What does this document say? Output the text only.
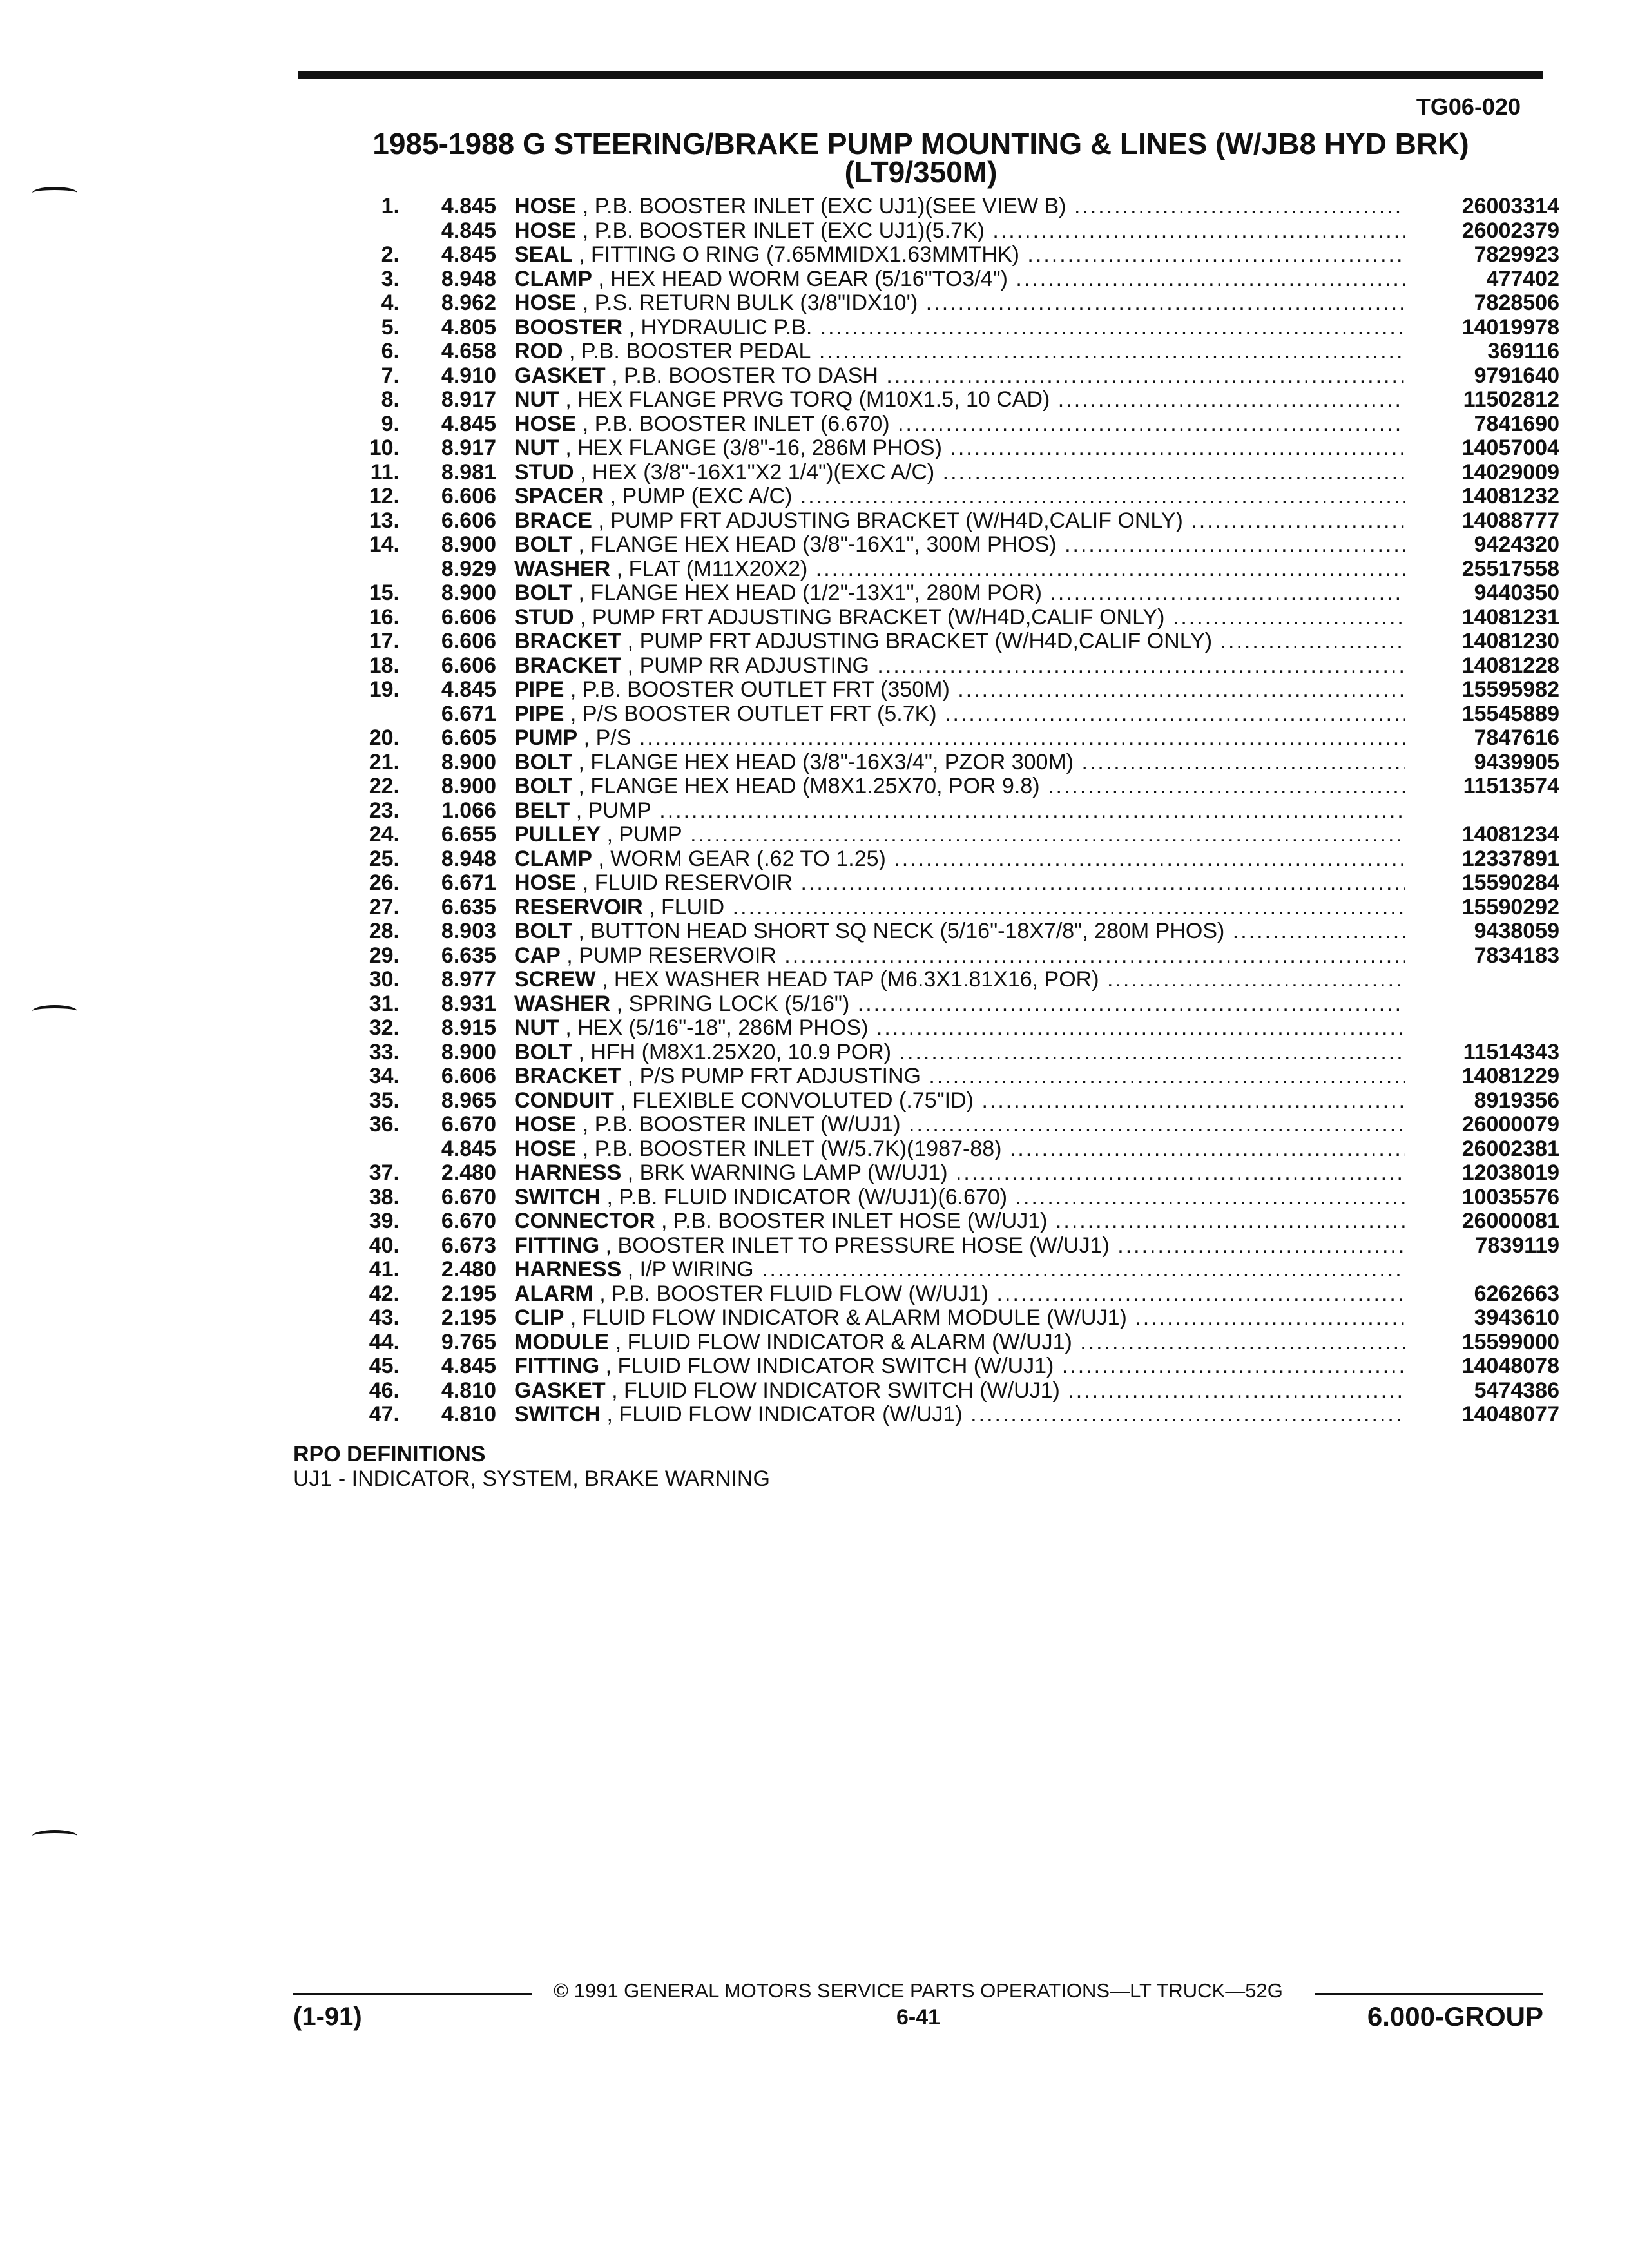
TG06-020
1985-1988 G STEERING/BRAKE PUMP MOUNTING & LINES (W/JB8 HYD BRK)
(LT9/350M)
1.	4.845 HOSE , P.B. BOOSTER INLET (EXC UJ1)(SEE VIEW B) .....	26003314
4.845 HOSE , P.B. BOOSTER INLET (EXC UJ1)(5.7K) .....	26002379
2.	4.845 SEAL , FITTING O RING (7.65MMIDX1.63MMTHK) .....	7829923
3.	8.948 CLAMP , HEX HEAD WORM GEAR (5/16"TO3/4") .....	477402
4.	8.962 HOSE , P.S. RETURN BULK (3/8"IDX10') .....	7828506
5.	4.805 BOOSTER , HYDRAULIC P.B. .....	14019978
6.	4.658 ROD , P.B. BOOSTER PEDAL .....	369116
7.	4.910 GASKET , P.B. BOOSTER TO DASH .....	9791640
8.	8.917 NUT , HEX FLANGE PRVG TORQ (M10X1.5, 10 CAD) .....	11502812
9.	4.845 HOSE , P.B. BOOSTER INLET (6.670) .....	7841690
10.	8.917 NUT , HEX FLANGE (3/8"-16, 286M PHOS) .....	14057004
11.	8.981 STUD , HEX (3/8"-16X1"X2 1/4")(EXC A/C) .....	14029009
12.	6.606 SPACER , PUMP (EXC A/C) .....	14081232
13.	6.606 BRACE , PUMP FRT ADJUSTING BRACKET (W/H4D,CALIF ONLY) .....	14088777
14.	8.900 BOLT , FLANGE HEX HEAD (3/8"-16X1", 300M PHOS) .....	9424320
8.929 WASHER , FLAT (M11X20X2) .....	25517558
15.	8.900 BOLT , FLANGE HEX HEAD (1/2"-13X1", 280M POR) .....	9440350
16.	6.606 STUD , PUMP FRT ADJUSTING BRACKET (W/H4D,CALIF ONLY) .....	14081231
17.	6.606 BRACKET , PUMP FRT ADJUSTING BRACKET (W/H4D,CALIF ONLY) .....	14081230
18.	6.606 BRACKET , PUMP RR ADJUSTING .....	14081228
19.	4.845 PIPE , P.B. BOOSTER OUTLET FRT (350M) .....	15595982
6.671 PIPE , P/S BOOSTER OUTLET FRT (5.7K) .....	15545889
20.	6.605 PUMP , P/S .....	7847616
21.	8.900 BOLT , FLANGE HEX HEAD (3/8"-16X3/4", PZOR 300M) .....	9439905
22.	8.900 BOLT , FLANGE HEX HEAD (M8X1.25X70, POR 9.8) .....	11513574
23.	1.066 BELT , PUMP .....
24.	6.655 PULLEY , PUMP .....	14081234
25.	8.948 CLAMP , WORM GEAR (.62 TO 1.25) .....	12337891
26.	6.671 HOSE , FLUID RESERVOIR .....	15590284
27.	6.635 RESERVOIR , FLUID .....	15590292
28.	8.903 BOLT , BUTTON HEAD SHORT SQ NECK (5/16"-18X7/8", 280M PHOS) .....	9438059
29.	6.635 CAP , PUMP RESERVOIR .....	7834183
30.	8.977 SCREW , HEX WASHER HEAD TAP (M6.3X1.81X16, POR) .....
31.	8.931 WASHER , SPRING LOCK (5/16") .....
32.	8.915 NUT , HEX (5/16"-18", 286M PHOS) .....
33.	8.900 BOLT , HFH (M8X1.25X20, 10.9 POR) .....	11514343
34.	6.606 BRACKET , P/S PUMP FRT ADJUSTING .....	14081229
35.	8.965 CONDUIT , FLEXIBLE CONVOLUTED (.75"ID) .....	8919356
36.	6.670 HOSE , P.B. BOOSTER INLET (W/UJ1) .....	26000079
4.845 HOSE , P.B. BOOSTER INLET (W/5.7K)(1987-88) .....	26002381
37.	2.480 HARNESS , BRK WARNING LAMP (W/UJ1) .....	12038019
38.	6.670 SWITCH , P.B. FLUID INDICATOR (W/UJ1)(6.670) .....	10035576
39.	6.670 CONNECTOR , P.B. BOOSTER INLET HOSE (W/UJ1) .....	26000081
40.	6.673 FITTING , BOOSTER INLET TO PRESSURE HOSE (W/UJ1) .....	7839119
41.	2.480 HARNESS , I/P WIRING .....
42.	2.195 ALARM , P.B. BOOSTER FLUID FLOW (W/UJ1) .....	6262663
43.	2.195 CLIP , FLUID FLOW INDICATOR & ALARM MODULE (W/UJ1) .....	3943610
44.	9.765 MODULE , FLUID FLOW INDICATOR & ALARM (W/UJ1) .....	15599000
45.	4.845 FITTING , FLUID FLOW INDICATOR SWITCH (W/UJ1) .....	14048078
46.	4.810 GASKET , FLUID FLOW INDICATOR SWITCH (W/UJ1) .....	5474386
47.	4.810 SWITCH , FLUID FLOW INDICATOR (W/UJ1) .....	14048077
RPO DEFINITIONS
UJ1 - INDICATOR, SYSTEM, BRAKE WARNING
© 1991 GENERAL MOTORS SERVICE PARTS OPERATIONS—LT TRUCK—52G
(1-91)	6-41	6.000-GROUP
